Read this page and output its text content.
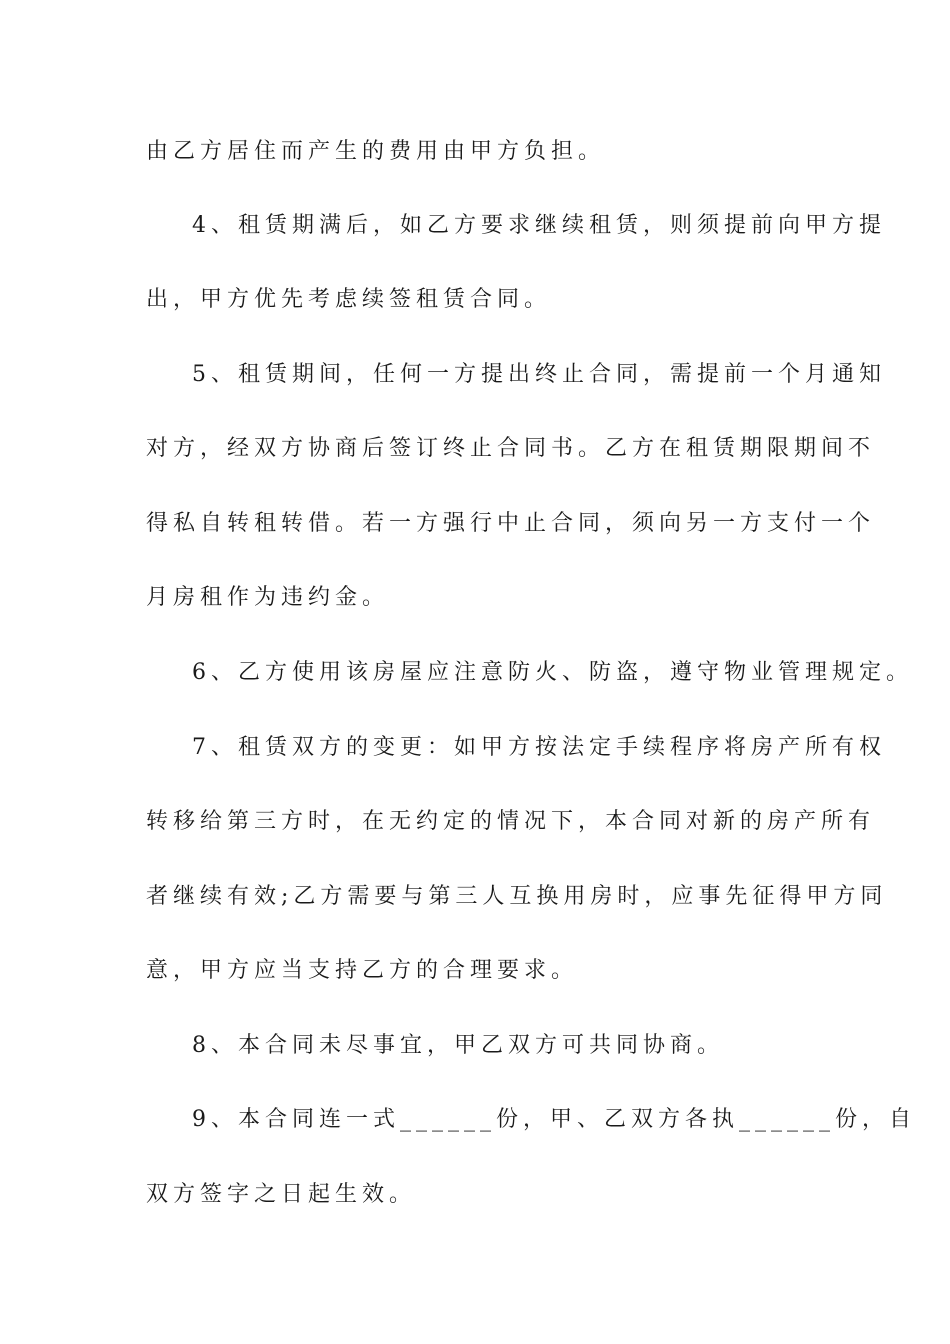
由乙方居住而产生的费用由甲方负担。
4、租赁期满后，如乙方要求继续租赁，则须提前向甲方提
出，甲方优先考虑续签租赁合同。
5、租赁期间，任何一方提出终止合同，需提前一个月通知
对方，经双方协商后签订终止合同书。乙方在租赁期限期间不
得私自转租转借。若一方强行中止合同，须向另一方支付一个
月房租作为违约金。
6、乙方使用该房屋应注意防火、防盗，遵守物业管理规定。
7、租赁双方的变更：如甲方按法定手续程序将房产所有权
转移给第三方时，在无约定的情况下，本合同对新的房产所有
者继续有效;乙方需要与第三人互换用房时，应事先征得甲方同
意，甲方应当支持乙方的合理要求。
8、本合同未尽事宜，甲乙双方可共同协商。
9、本合同连一式______份，甲、乙双方各执______份，自
双方签字之日起生效。
